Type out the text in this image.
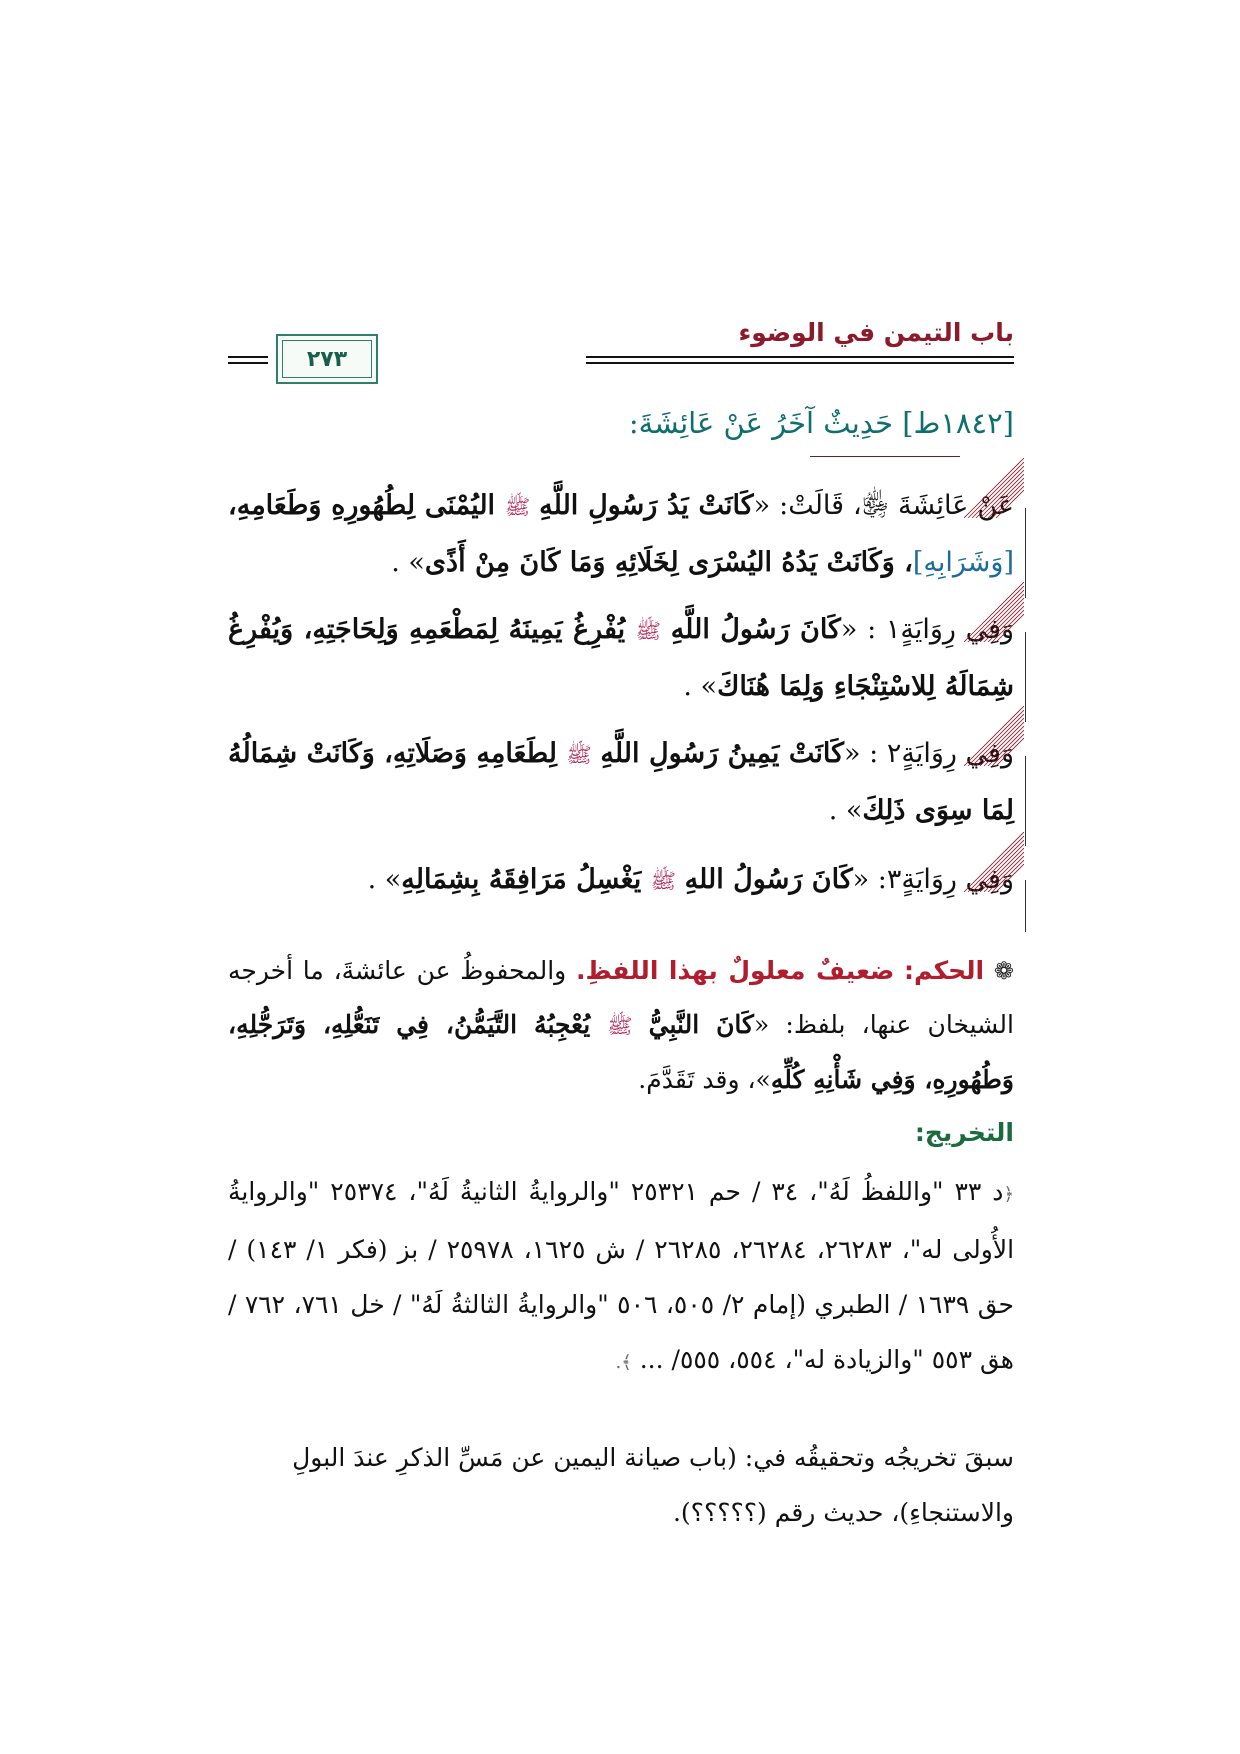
باب التيمن في الوضوء
٢٧٣
[١٨٤٢ط] حَدِيثٌ آخَرُ عَنْ عَائِشَةَ:

عَنْ عَائِشَةَ ﵂، قَالَتْ: «كَانَتْ يَدُ رَسُولِ اللَّهِ ﷺ اليُمْنَى لِطُهُورِهِ وَطَعَامِهِ، [وَشَرَابِهِ]، وَكَانَتْ يَدُهُ اليُسْرَى لِخَلَائِهِ وَمَا كَانَ مِنْ أَذًى» .

وَفِي رِوَايَةٍ١ : «كَانَ رَسُولُ اللَّهِ ﷺ يُفْرِغُ يَمِينَهُ لِمَطْعَمِهِ وَلِحَاجَتِهِ، وَيُفْرِغُ شِمَالَهُ لِلاسْتِنْجَاءِ وَلِمَا هُنَاكَ» .

وَفِي رِوَايَةٍ٢ : «كَانَتْ يَمِينُ رَسُولِ اللَّهِ ﷺ لِطَعَامِهِ وَصَلَاتِهِ، وَكَانَتْ شِمَالُهُ لِمَا سِوَى ذَلِكَ» .

وَفِي رِوَايَةٍ٣: «كَانَ رَسُولُ اللهِ ﷺ يَغْسِلُ مَرَافِقَهُ بِشِمَالِهِ» .

❁ الحكم: ضعيفٌ معلولٌ بهذا اللفظِ. والمحفوظُ عن عائشةَ، ما أخرجه الشيخان عنها، بلفظ: «كَانَ النَّبِيُّ ﷺ يُعْجِبُهُ التَّيَمُّنُ، فِي تَنَعُّلِهِ، وَتَرَجُّلِهِ، وَطُهُورِهِ، وَفِي شَأْنِهِ كُلِّهِ»، وقد تَقَدَّمَ.
التخريج:
﴿د ٣٣ "واللفظُ لَهُ"، ٣٤ / حم ٢٥٣٢١ "والروايةُ الثانيةُ لَهُ"، ٢٥٣٧٤ "والروايةُ الأُولى له"، ٢٦٢٨٣، ٢٦٢٨٤، ٢٦٢٨٥ / ش ١٦٢٥، ٢٥٩٧٨ / بز (فكر ١/ ١٤٣) / حق ١٦٣٩ / الطبري (إمام ٢/ ٥٠٥، ٥٠٦ "والروايةُ الثالثةُ لَهُ" / خل ٧٦١، ٧٦٢ / هق ٥٥٣ "والزيادة له"، ٥٥٤، ٥٥٥/ ... ﴾.
سبقَ تخريجُه وتحقيقُه في: (باب صيانة اليمين عن مَسِّ الذكرِ عندَ البولِ والاستنجاءِ)، حديث رقم (؟؟؟؟؟).
